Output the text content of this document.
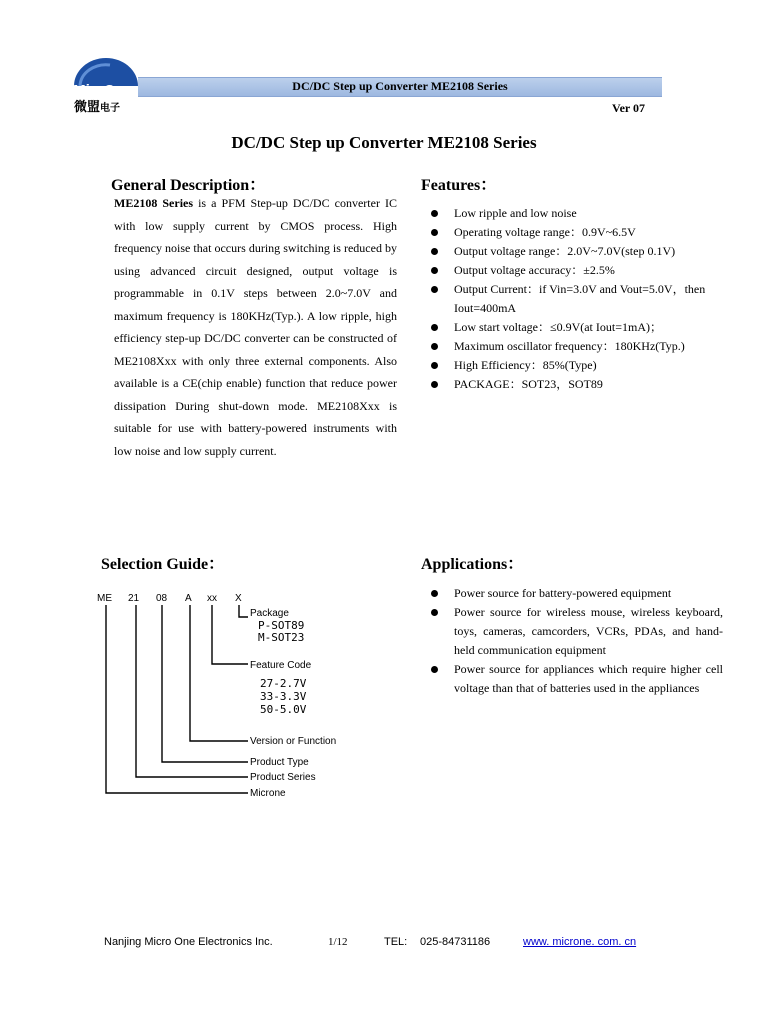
MicrOne
微盟电子
DC/DC Step up Converter ME2108 Series
Ver 07
DC/DC Step up Converter ME2108 Series
General Description：
ME2108 Series is a PFM Step-up DC/DC converter IC with low supply current by CMOS process. High frequency noise that occurs during switching is reduced by using advanced circuit designed, output voltage is programmable in 0.1V steps between 2.0~7.0V and maximum frequency is 180KHz(Typ.). A low ripple, high efficiency step-up DC/DC converter can be constructed of ME2108Xxx with only three external components. Also available is a CE(chip enable) function that reduce power dissipation During shut-down mode. ME2108Xxx is suitable for use with battery-powered instruments with low noise and low supply current.
Features：
Low ripple and low noise
Operating voltage range：0.9V~6.5V
Output voltage range：2.0V~7.0V(step 0.1V)
Output voltage accuracy：±2.5%
Output Current：if Vin=3.0V and Vout=5.0V，then Iout=400mA
Low start voltage：≤0.9V(at Iout=1mA)；
Maximum oscillator frequency：180KHz(Typ.)
High Efficiency：85%(Type)
PACKAGE：SOT23，SOT89
Selection Guide：
ME 21 08 A xx X
Package
P-SOT89
M-SOT23
Feature Code
27-2.7V
33-3.3V
50-5.0V
Version or Function
Product Type
Product Series
Microne
Applications：
Power source for battery-powered equipment
Power source for wireless mouse, wireless keyboard, toys, cameras, camcorders, VCRs, PDAs, and hand-held communication equipment
Power source for appliances which require higher cell voltage than that of batteries used in the appliances
Nanjing Micro One Electronics Inc.	1/12	TEL: 025-84731186	www. microne. com. cn
